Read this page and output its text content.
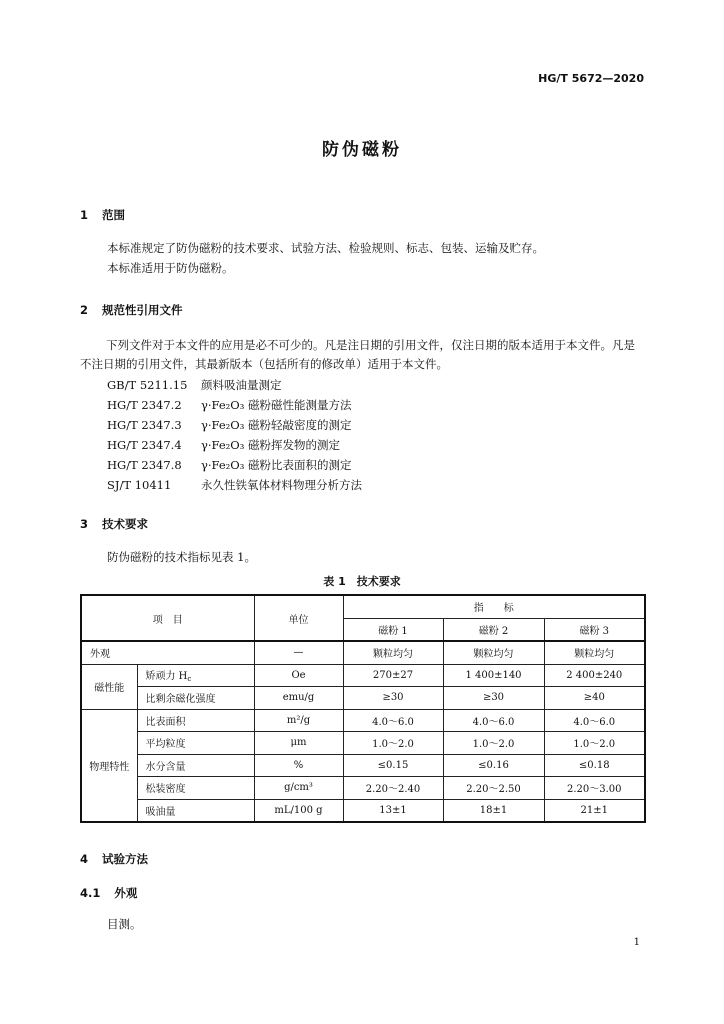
HG/T 5672—2020
防伪磁粉
1 范围
本标准规定了防伪磁粉的技术要求、试验方法、检验规则、标志、包装、运输及贮存。
本标准适用于防伪磁粉。
2 规范性引用文件
下列文件对于本文件的应用是必不可少的。凡是注日期的引用文件，仅注日期的版本适用于本文件。凡是不注日期的引用文件，其最新版本（包括所有的修改单）适用于本文件。
GB/T 5211.15 颜料吸油量测定
HG/T 2347.2 γ·Fe₂O₃ 磁粉磁性能测量方法
HG/T 2347.3 γ·Fe₂O₃ 磁粉轻敲密度的测定
HG/T 2347.4 γ·Fe₂O₃ 磁粉挥发物的测定
HG/T 2347.8 γ·Fe₂O₃ 磁粉比表面积的测定
SJ/T 10411	永久性铁氧体材料物理分析方法
3 技术要求
防伪磁粉的技术指标见表 1。
表 1　技术要求
项　目		单位	指　　标		
			磁粉 1	磁粉 2	磁粉 3
外观		—	颗粒均匀	颗粒均匀	颗粒均匀
磁性能	矫顽力 $H_c$	Oe	270±27	1 400±140	2 400±240
	比剩余磁化强度	emu/g	≥30	≥30	≥40
物理特性	比表面积	m²/g	4.0～6.0	4.0～6.0	4.0～6.0
	平均粒度	μm	1.0～2.0	1.0～2.0	1.0～2.0
	水分含量	%	≤0.15	≤0.16	≤0.18
	松装密度	g/cm³	2.20～2.40	2.20～2.50	2.20～3.00
	吸油量	mL/100 g	13±1	18±1	21±1
4 试验方法
4.1 外观
目测。
1
